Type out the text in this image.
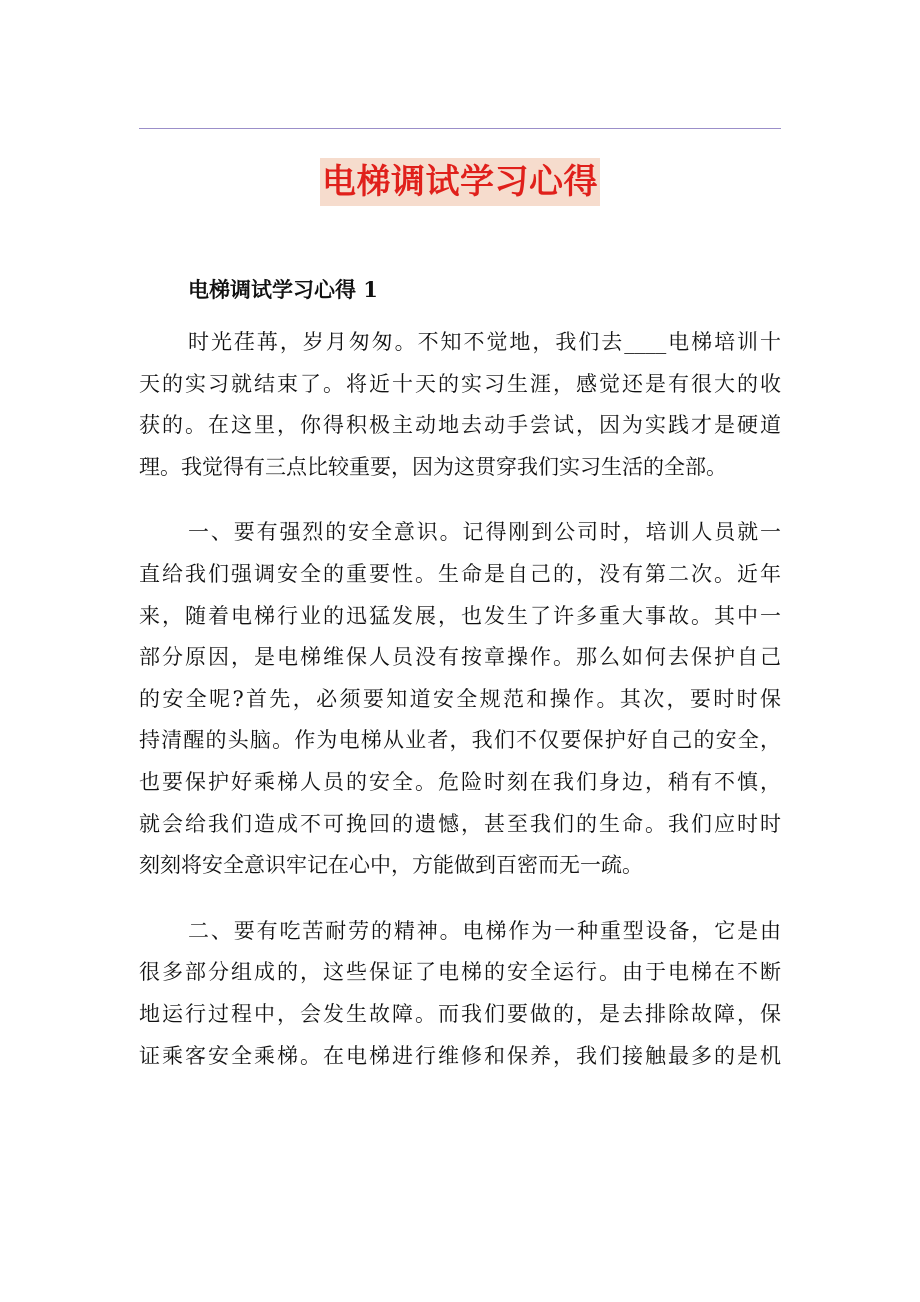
电梯调试学习心得
电梯调试学习心得 1
时光荏苒，岁月匆匆。不知不觉地，我们去____电梯培训十
天的实习就结束了。将近十天的实习生涯，感觉还是有很大的收
获的。在这里，你得积极主动地去动手尝试，因为实践才是硬道
理。我觉得有三点比较重要，因为这贯穿我们实习生活的全部。
一、要有强烈的安全意识。记得刚到公司时，培训人员就一
直给我们强调安全的重要性。生命是自己的，没有第二次。近年
来，随着电梯行业的迅猛发展，也发生了许多重大事故。其中一
部分原因，是电梯维保人员没有按章操作。那么如何去保护自己
的安全呢?首先，必须要知道安全规范和操作。其次，要时时保
持清醒的头脑。作为电梯从业者，我们不仅要保护好自己的安全，
也要保护好乘梯人员的安全。危险时刻在我们身边，稍有不慎，
就会给我们造成不可挽回的遗憾，甚至我们的生命。我们应时时
刻刻将安全意识牢记在心中，方能做到百密而无一疏。
二、要有吃苦耐劳的精神。电梯作为一种重型设备，它是由
很多部分组成的，这些保证了电梯的安全运行。由于电梯在不断
地运行过程中，会发生故障。而我们要做的，是去排除故障，保
证乘客安全乘梯。在电梯进行维修和保养，我们接触最多的是机
